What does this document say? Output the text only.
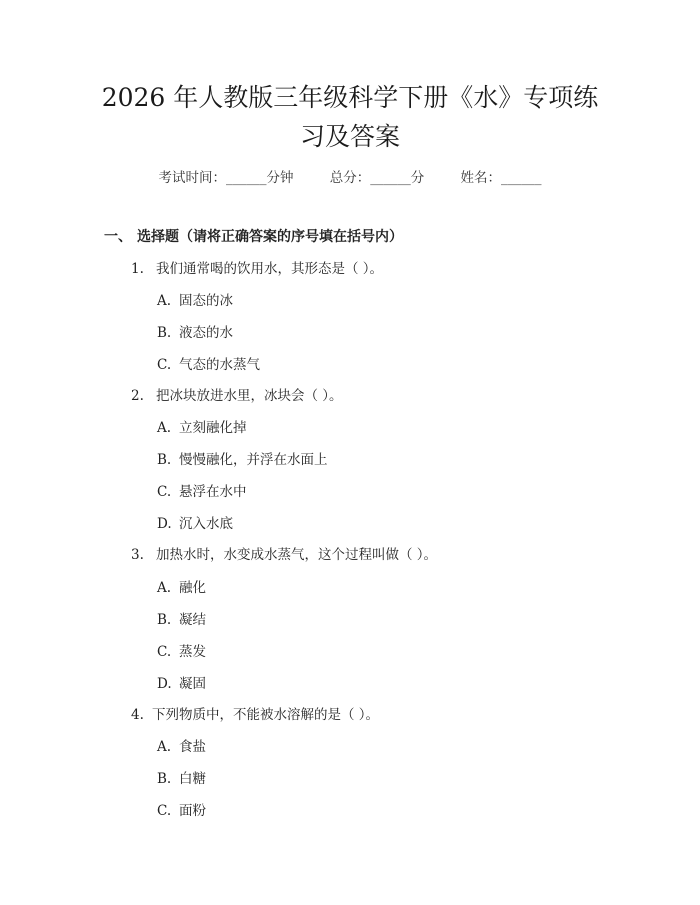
2026 年人教版三年级科学下册《水》专项练
习及答案
考试时间：______分钟	总分：______分	姓名：______
一、 选择题（请将正确答案的序号填在括号内）
1. 我们通常喝的饮用水，其形态是（ ）。
A. 固态的冰
B. 液态的水
C. 气态的水蒸气
2. 把冰块放进水里，冰块会（ ）。
A. 立刻融化掉
B. 慢慢融化，并浮在水面上
C. 悬浮在水中
D. 沉入水底
3. 加热水时，水变成水蒸气，这个过程叫做（ ）。
A. 融化
B. 凝结
C. 蒸发
D. 凝固
4. 下列物质中，不能被水溶解的是（ ）。
A. 食盐
B. 白糖
C. 面粉
